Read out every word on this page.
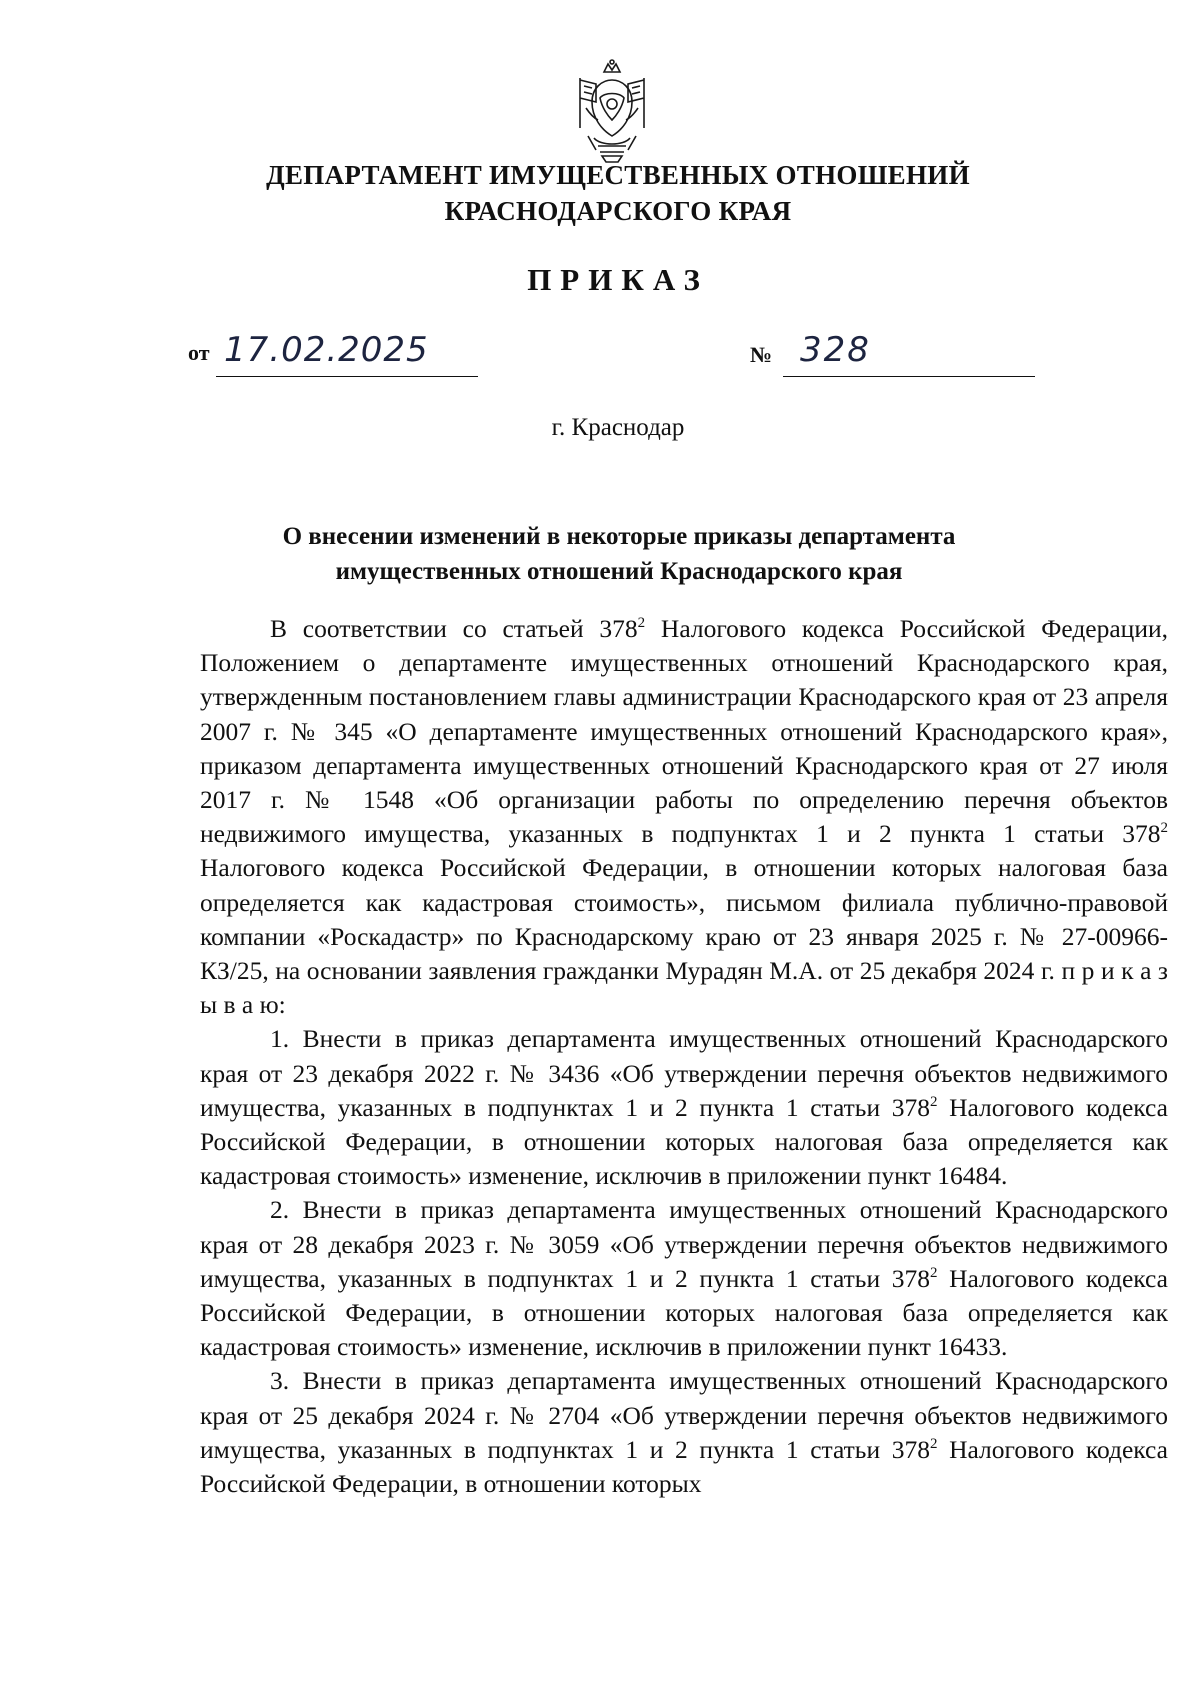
ДЕПАРТАМЕНТ ИМУЩЕСТВЕННЫХ ОТНОШЕНИЙ
КРАСНОДАРСКОГО КРАЯ
ПРИКАЗ
от 17.02.2025	№ 328
г. Краснодар
О внесении изменений в некоторые приказы департамента
имущественных отношений Краснодарского края

В соответствии со статьей $378^2$ Налогового кодекса Российской Федерации, Положением о департаменте имущественных отношений Краснодарского края, утвержденным постановлением главы администрации Краснодарского края от 23 апреля 2007 г. № 345 «О департаменте имущественных отношений Краснодарского края», приказом департамента имущественных отношений Краснодарского края от 27 июля 2017 г. № 1548 «Об организации работы по определению перечня объектов недвижимого имущества, указанных в подпунктах 1 и 2 пункта 1 статьи $378^2$ Налогового кодекса Российской Федерации, в отношении которых налоговая база определяется как кадастровая стоимость», письмом филиала публично-правовой компании «Роскадастр» по Краснодарскому краю от 23 января 2025 г. № 27-00966-КЗ/25, на основании заявления гражданки Мурадян М.А. от 25 декабря 2024 г. п р и к а з ы в а ю:

1. Внести в приказ департамента имущественных отношений Краснодарского края от 23 декабря 2022 г. № 3436 «Об утверждении перечня объектов недвижимого имущества, указанных в подпунктах 1 и 2 пункта 1 статьи $378^2$ Налогового кодекса Российской Федерации, в отношении которых налоговая база определяется как кадастровая стоимость» изменение, исключив в приложении пункт 16484.

2. Внести в приказ департамента имущественных отношений Краснодарского края от 28 декабря 2023 г. № 3059 «Об утверждении перечня объектов недвижимого имущества, указанных в подпунктах 1 и 2 пункта 1 статьи $378^2$ Налогового кодекса Российской Федерации, в отношении которых налоговая база определяется как кадастровая стоимость» изменение, исключив в приложении пункт 16433.

3. Внести в приказ департамента имущественных отношений Краснодарского края от 25 декабря 2024 г. № 2704 «Об утверждении перечня объектов недвижимого имущества, указанных в подпунктах 1 и 2 пункта 1 статьи $378^2$ Налогового кодекса Российской Федерации, в отношении которых
